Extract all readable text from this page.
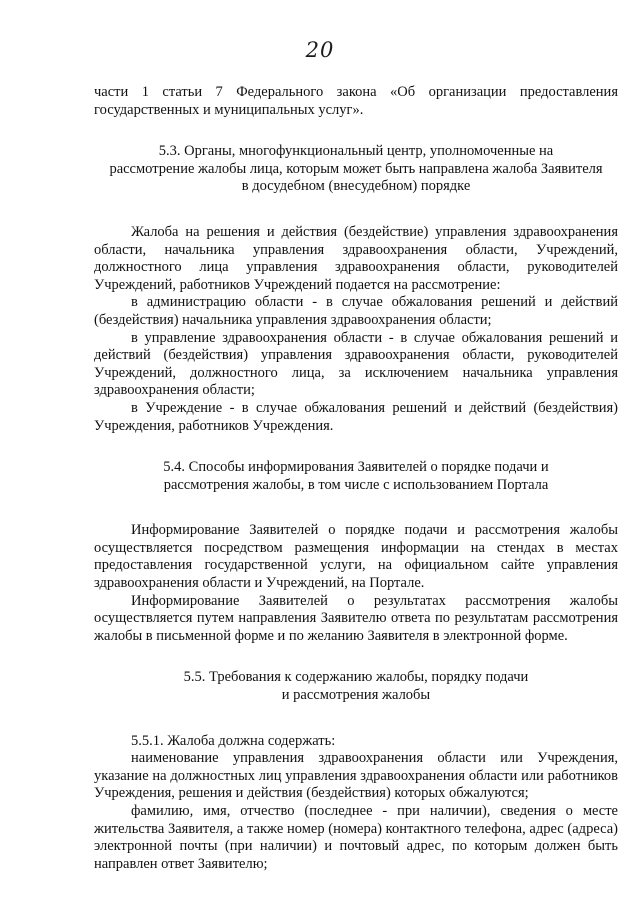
20

части 1 статьи 7 Федерального закона «Об организации предоставления государственных и муниципальных услуг».

5.3. Органы, многофункциональный центр, уполномоченные на

рассмотрение жалобы лица, которым может быть направлена жалоба Заявителя

в досудебном (внесудебном) порядке

Жалоба на решения и действия (бездействие) управления здравоохранения области, начальника управления здравоохранения области, Учреждений, должностного лица управления здравоохранения области, руководителей Учреждений, работников Учреждений подается на рассмотрение:

в администрацию области - в случае обжалования решений и действий (бездействия) начальника управления здравоохранения области;

в управление здравоохранения области - в случае обжалования решений и действий (бездействия) управления здравоохранения области, руководителей Учреждений, должностного лица, за исключением начальника управления здравоохранения области;

в Учреждение - в случае обжалования решений и действий (бездействия) Учреждения, работников Учреждения.

5.4. Способы информирования Заявителей о порядке подачи и

рассмотрения жалобы, в том числе с использованием Портала

Информирование Заявителей о порядке подачи и рассмотрения жалобы осуществляется посредством размещения информации на стендах в местах предоставления государственной услуги, на официальном сайте управления здравоохранения области и Учреждений, на Портале.

Информирование Заявителей о результатах рассмотрения жалобы осуществляется путем направления Заявителю ответа по результатам рассмотрения жалобы в письменной форме и по желанию Заявителя в электронной форме.

5.5. Требования к содержанию жалобы, порядку подачи

и рассмотрения жалобы

5.5.1. Жалоба должна содержать:

наименование управления здравоохранения области или Учреждения, указание на должностных лиц управления здравоохранения области или работников Учреждения, решения и действия (бездействия) которых обжалуются;

фамилию, имя, отчество (последнее - при наличии), сведения о месте жительства Заявителя, а также номер (номера) контактного телефона, адрес (адреса) электронной почты (при наличии) и почтовый адрес, по которым должен быть направлен ответ Заявителю;
